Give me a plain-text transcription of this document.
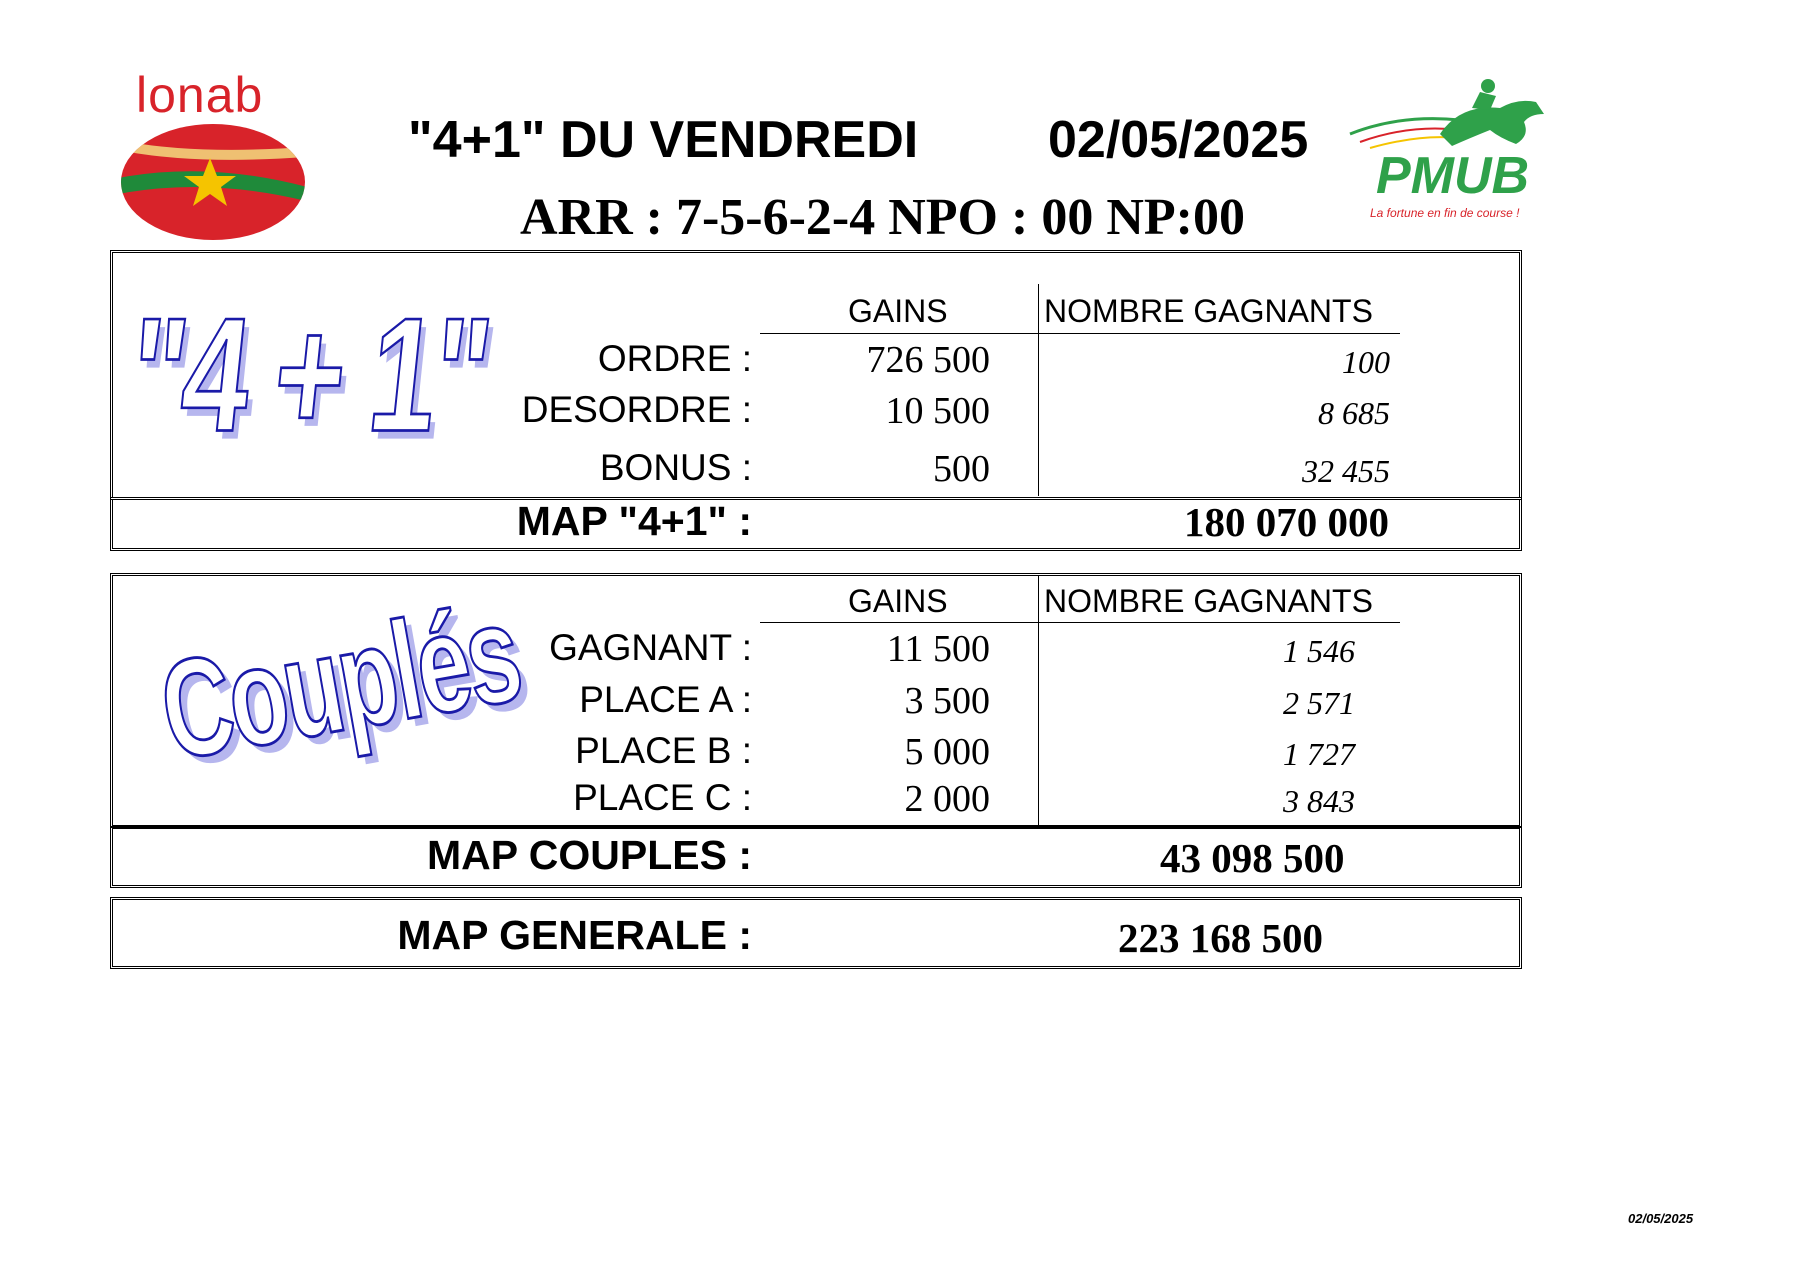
lonab
"4+1" DU VENDREDI 02/05/2025
ARR : 7-5-6-2-4 NPO : 00 NP:00
PMUB
La fortune en fin de course !
"4 + 1"	GAINS	NOMBRE GAGNANTS
ORDRE :	726 500	100
DESORDRE :	10 500	8 685
BONUS :	500	32 455
MAP "4+1" :	180 070 000
Couplés	GAINS	NOMBRE GAGNANTS
GAGNANT :	11 500	1 546
PLACE A :	3 500	2 571
PLACE B :	5 000	1 727
PLACE C :	2 000	3 843
MAP COUPLES :	43 098 500
MAP GENERALE :	223 168 500
02/05/2025
